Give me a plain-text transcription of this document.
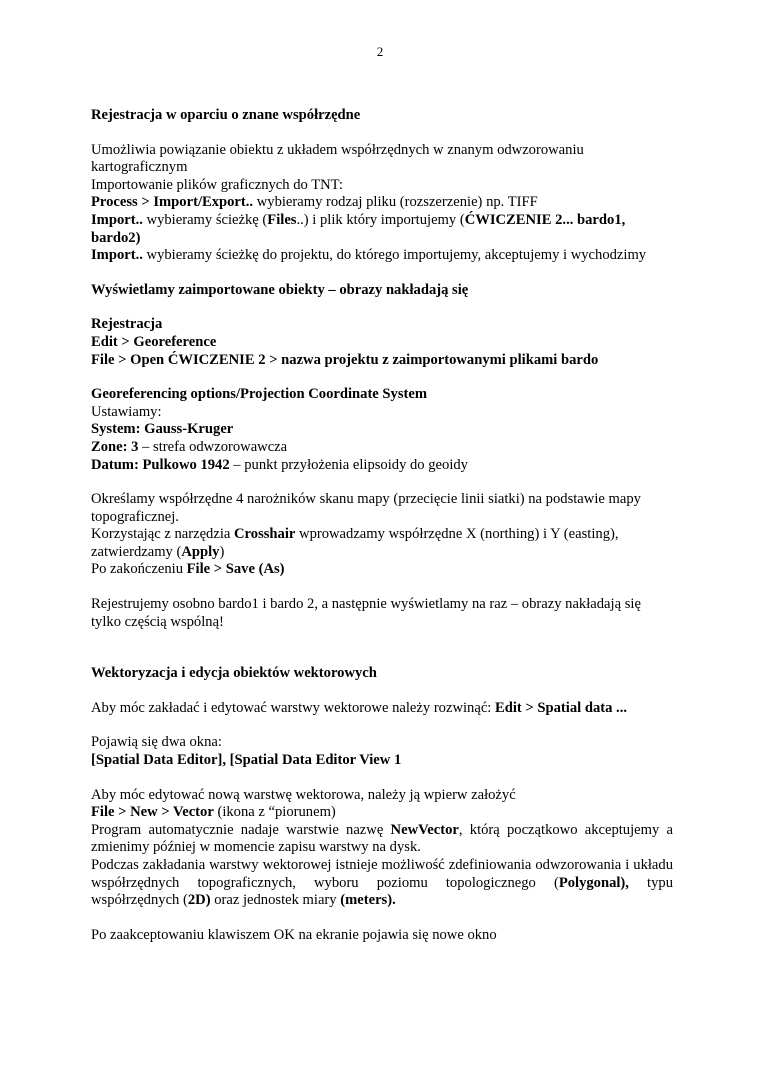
2

Rejestracja w oparciu o znane współrzędne

Umożliwia powiązanie obiektu z układem współrzędnych w znanym odwzorowaniu kartograficznym

Importowanie plików graficznych do TNT:

Process > Import/Export.. wybieramy rodzaj pliku (rozszerzenie) np. TIFF

Import.. wybieramy ścieżkę (Files..) i plik który importujemy (ĆWICZENIE 2... bardo1, bardo2)

Import.. wybieramy ścieżkę do projektu, do którego importujemy, akceptujemy i wychodzimy

Wyświetlamy zaimportowane obiekty – obrazy nakładają się

Rejestracja

Edit > Georeference

File > Open ĆWICZENIE 2 > nazwa projektu z zaimportowanymi plikami bardo

Georeferencing options/Projection Coordinate System

Ustawiamy:

System: Gauss-Kruger

Zone: 3 – strefa odwzorowawcza

Datum: Pulkowo 1942 – punkt przyłożenia elipsoidy do geoidy

Określamy współrzędne 4 narożników skanu mapy (przecięcie linii siatki) na podstawie mapy topograficznej.

Korzystając z narzędzia Crosshair wprowadzamy współrzędne X (northing) i Y (easting), zatwierdzamy (Apply)

Po zakończeniu File > Save (As)

Rejestrujemy osobno bardo1 i bardo 2, a następnie wyświetlamy na raz – obrazy nakładają się tylko częścią wspólną!

Wektoryzacja i edycja obiektów wektorowych

Aby móc zakładać i edytować warstwy wektorowe należy rozwinąć: Edit > Spatial data ...

Pojawią się dwa okna:

[Spatial Data Editor], [Spatial Data Editor View 1

Aby móc edytować nową warstwę wektorowa, należy ją wpierw założyć

File > New > Vector (ikona z “piorunem)

Program automatycznie nadaje warstwie nazwę NewVector, którą początkowo akceptujemy a zmienimy później w momencie zapisu warstwy na dysk.

Podczas zakładania warstwy wektorowej istnieje możliwość zdefiniowania odwzorowania i układu współrzędnych topograficznych, wyboru poziomu topologicznego (Polygonal), typu współrzędnych (2D) oraz jednostek miary (meters).

Po zaakceptowaniu klawiszem OK na ekranie pojawia się nowe okno
